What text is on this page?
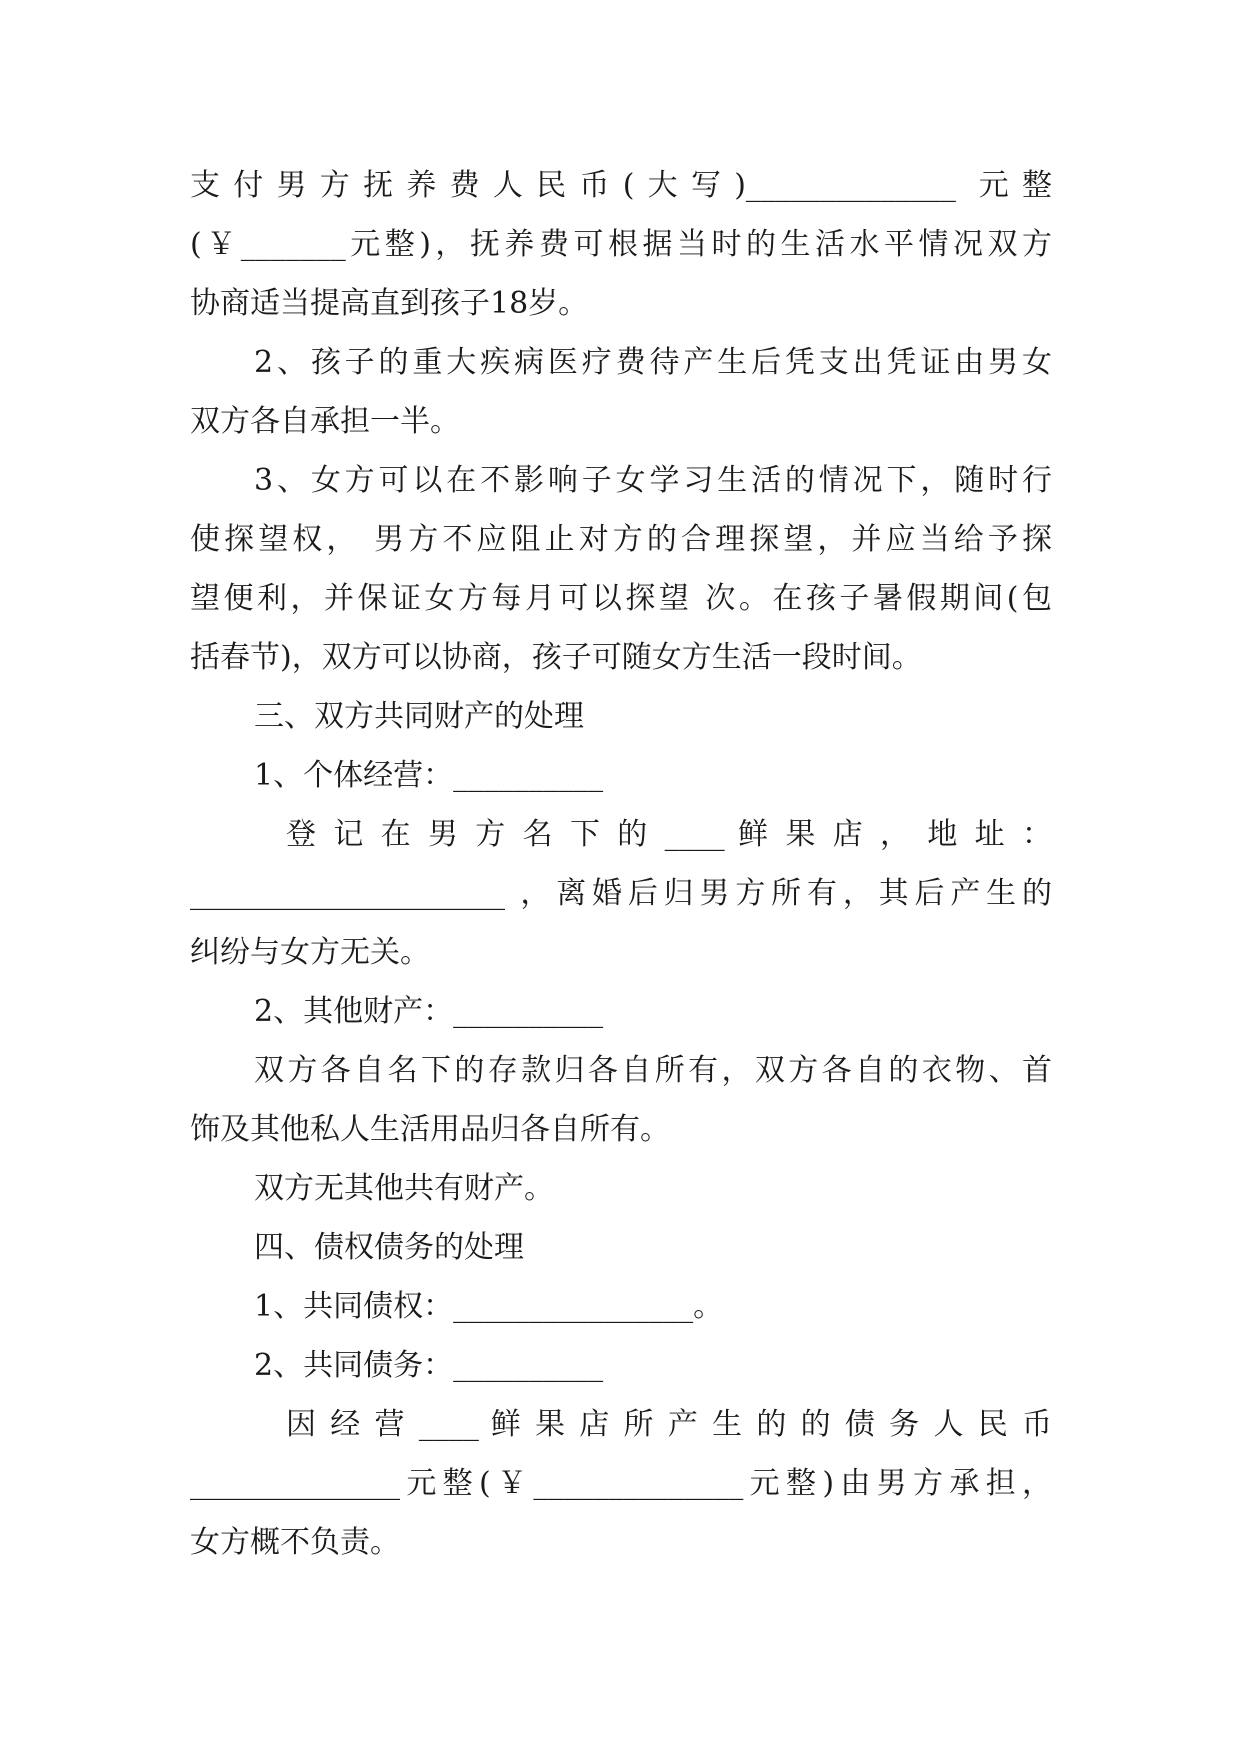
支付男方抚养费人民币(大写)______________ 元整
(￥_______元整)，抚养费可根据当时的生活水平情况双方
协商适当提高直到孩子18岁。
2、孩子的重大疾病医疗费待产生后凭支出凭证由男女
双方各自承担一半。
3、女方可以在不影响子女学习生活的情况下，随时行
使探望权， 男方不应阻止对方的合理探望，并应当给予探
望便利，并保证女方每月可以探望 次。在孩子暑假期间(包
括春节)，双方可以协商，孩子可随女方生活一段时间。
三、双方共同财产的处理
1、个体经营：__________
登 记 在 男 方 名 下 的 ____ 鲜 果 店 ， 地 址 ：
_____________________ ，离婚后归男方所有，其后产生的
纠纷与女方无关。
2、其他财产：__________
双方各自名下的存款归各自所有，双方各自的衣物、首
饰及其他私人生活用品归各自所有。
双方无其他共有财产。
四、债权债务的处理
1、共同债权：________________。
2、共同债务：__________
因 经 营 ____ 鲜 果 店 所 产 生 的 的 债 务 人 民 币
______________元整(￥______________元整)由男方承担，
女方概不负责。
